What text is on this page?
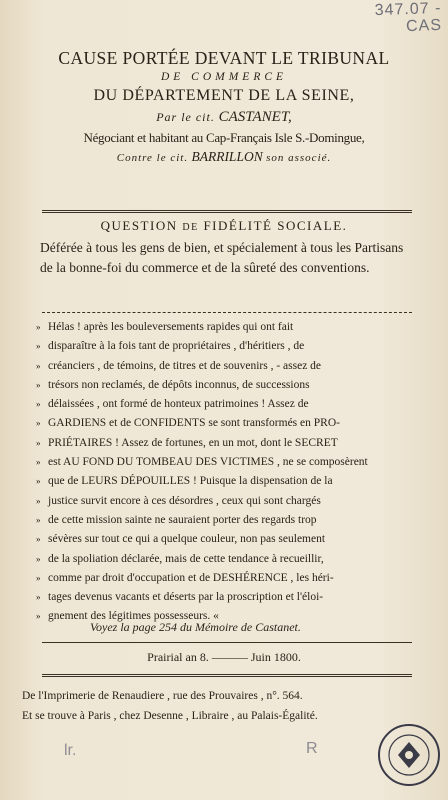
347.07 -
CAS
CAUSE PORTÉE DEVANT LE TRIBUNAL
DE COMMERCE
DU DÉPARTEMENT DE LA SEINE,
Par le cit. CASTANET,
Négociant et habitant au Cap-Français Isle S.-Domingue,
Contre le cit. BARRILLON son associé.
QUESTION DE FIDÉLITÉ SOCIALE.
Déférée à tous les gens de bien, et spécialement à tous les Partisans de la bonne-foi du commerce et de la sûreté des conventions.
» Hélas ! après les bouleversements rapides qui ont fait
» disparaître à la fois tant de propriétaires , d'héritiers , de
» créanciers , de témoins, de titres et de souvenirs , - assez de
» trésors non reclamés, de dépôts inconnus, de successions
» délaissées , ont formé de honteux patrimoines ! Assez de
» GARDIENS et de CONFIDENTS se sont transformés en PRO-
» PRIÉTAIRES ! Assez de fortunes, en un mot, dont le SECRET
» est AU FOND DU TOMBEAU DES VICTIMES , ne se composèrent
» que de LEURS DÉPOUILLES ! Puisque la dispensation de la
» justice survit encore à ces désordres , ceux qui sont chargés
» de cette mission sainte ne sauraient porter des regards trop
» sévères sur tout ce qui a quelque couleur, non pas seulement
» de la spoliation déclarée, mais de cette tendance à recueillir,
» comme par droit d'occupation et de DESHÉRENCE , les héri-
» tages devenus vacants et déserts par la proscription et l'éloi-
» gnement des légitimes possesseurs. «
Voyez la page 254 du Mémoire de Castanet.
Prairial an 8. ——— Juin 1800.
De l'Imprimerie de Renaudiere , rue des Prouvaires , n°. 564.
Et se trouve à Paris , chez Desenne , Libraire , au Palais-Égalité.
lr.	R
